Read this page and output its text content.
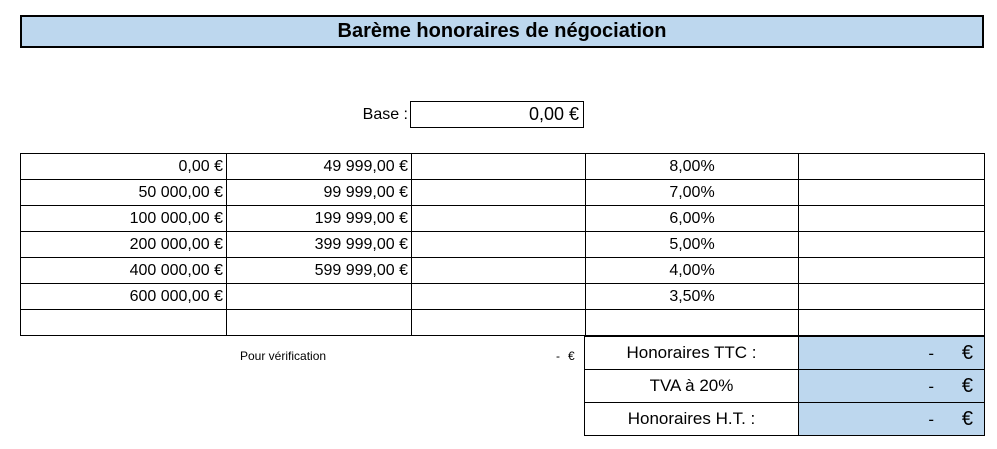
Barème honoraires de négociation
Base :
0,00 €
0,00 €	49 999,00 €		8,00%	
50 000,00 €	99 999,00 €		7,00%	
100 000,00 €	199 999,00 €		6,00%	
200 000,00 €	399 999,00 €		5,00%	
400 000,00 €	599 999,00 €		4,00%	
600 000,00 €			3,50%	

Pour vérification	- €	Honoraires TTC :	- €

TVA à 20%	- €

Honoraires H.T. :	- €
